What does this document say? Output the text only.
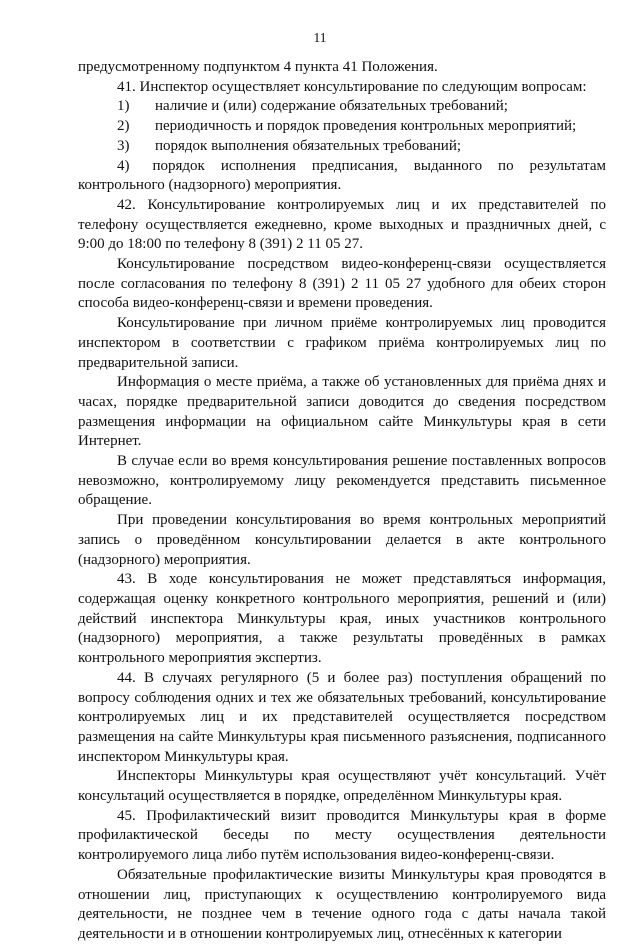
11

предусмотренному подпунктом 4 пункта 41 Положения.

41. Инспектор осуществляет консультирование по следующим вопросам:

1)	наличие и (или) содержание обязательных требований;
2)	периодичность и порядок проведения контрольных мероприятий;
3)	порядок выполнения обязательных требований;

4) порядок исполнения предписания, выданного по результатам контрольного (надзорного) мероприятия.

42. Консультирование контролируемых лиц и их представителей по телефону осуществляется ежедневно, кроме выходных и праздничных дней, с 9:00 до 18:00 по телефону 8 (391) 2 11 05 27.

Консультирование посредством видео-конференц-связи осуществляется после согласования по телефону 8 (391) 2 11 05 27 удобного для обеих сторон способа видео-конференц-связи и времени проведения.

Консультирование при личном приёме контролируемых лиц проводится инспектором в соответствии с графиком приёма контролируемых лиц по предварительной записи.

Информация о месте приёма, а также об установленных для приёма днях и часах, порядке предварительной записи доводится до сведения посредством размещения информации на официальном сайте Минкультуры края в сети Интернет.

В случае если во время консультирования решение поставленных вопросов невозможно, контролируемому лицу рекомендуется представить письменное обращение.

При проведении консультирования во время контрольных мероприятий запись о проведённом консультировании делается в акте контрольного (надзорного) мероприятия.

43. В ходе консультирования не может представляться информация, содержащая оценку конкретного контрольного мероприятия, решений и (или) действий инспектора Минкультуры края, иных участников контрольного (надзорного) мероприятия, а также результаты проведённых в рамках контрольного мероприятия экспертиз.

44. В случаях регулярного (5 и более раз) поступления обращений по вопросу соблюдения одних и тех же обязательных требований, консультирование контролируемых лиц и их представителей осуществляется посредством размещения на сайте Минкультуры края письменного разъяснения, подписанного инспектором Минкультуры края.

Инспекторы Минкультуры края осуществляют учёт консультаций. Учёт консультаций осуществляется в порядке, определённом Минкультуры края.

45. Профилактический визит проводится Минкультуры края в форме профилактической беседы по месту осуществления деятельности контролируемого лица либо путём использования видео-конференц-связи.

Обязательные профилактические визиты Минкультуры края проводятся в отношении лиц, приступающих к осуществлению контролируемого вида деятельности, не позднее чем в течение одного года с даты начала такой деятельности и в отношении контролируемых лиц, отнесённых к категории
